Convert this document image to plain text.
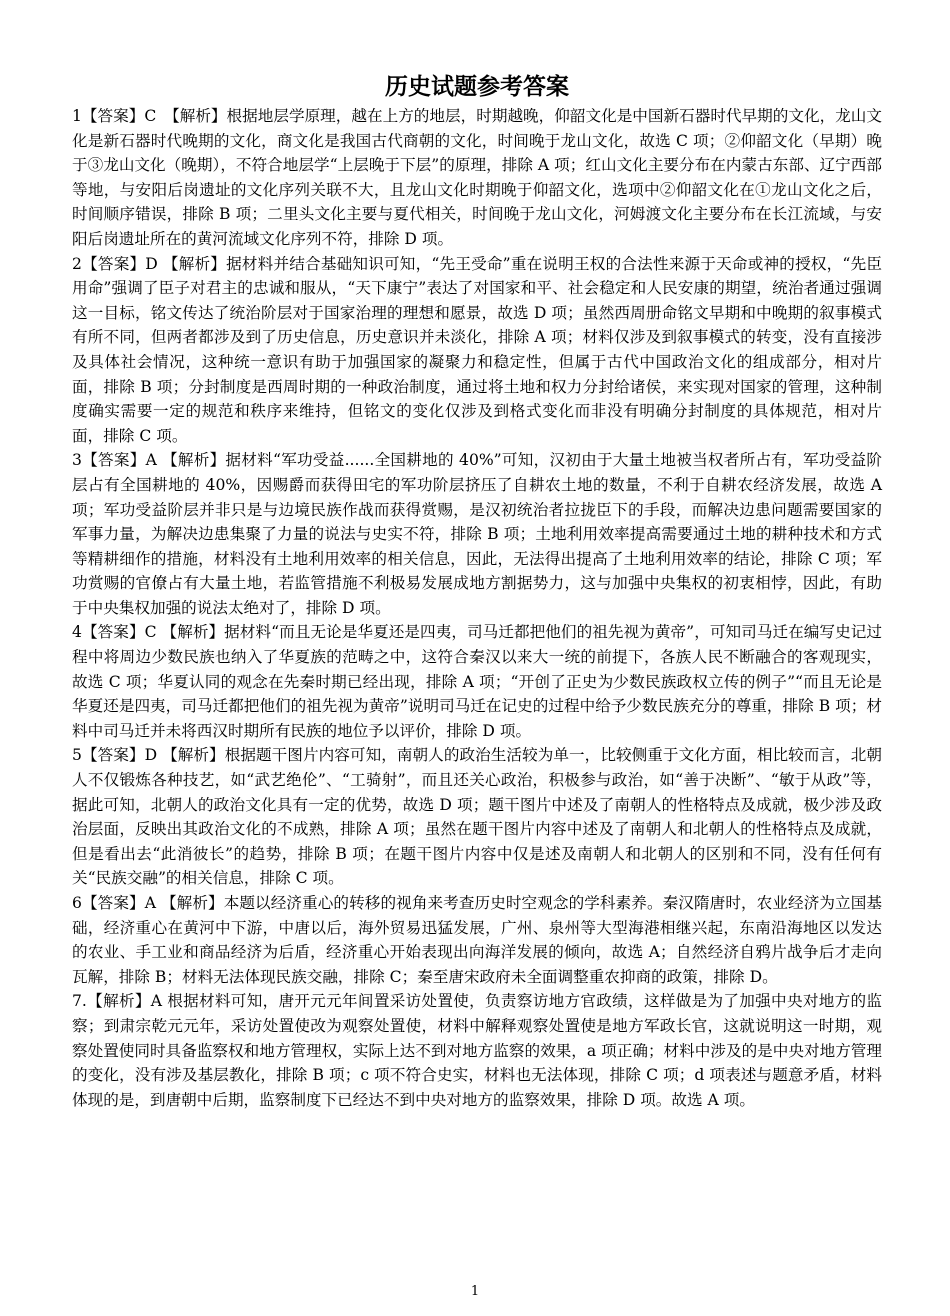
历史试题参考答案

1【答案】C　【解析】根据地层学原理，越在上方的地层，时期越晚，仰韶文化是中国新石器时代早期的文化，龙山文化是新石器时代晚期的文化，商文化是我国古代商朝的文化，时间晚于龙山文化，故选 C 项；②仰韶文化（早期）晚于③龙山文化（晚期），不符合地层学“上层晚于下层”的原理，排除 A 项；红山文化主要分布在内蒙古东部、辽宁西部等地，与安阳后岗遗址的文化序列关联不大，且龙山文化时期晚于仰韶文化，选项中②仰韶文化在①龙山文化之后，时间顺序错误，排除 B 项；二里头文化主要与夏代相关，时间晚于龙山文化，河姆渡文化主要分布在长江流域，与安阳后岗遗址所在的黄河流域文化序列不符，排除 D 项。

2【答案】D 【解析】据材料并结合基础知识可知，“先王受命”重在说明王权的合法性来源于天命或神的授权，“先臣用命”强调了臣子对君主的忠诚和服从，“天下康宁”表达了对国家和平、社会稳定和人民安康的期望，统治者通过强调这一目标，铭文传达了统治阶层对于国家治理的理想和愿景，故选 D 项；虽然西周册命铭文早期和中晚期的叙事模式有所不同，但两者都涉及到了历史信息，历史意识并未淡化，排除 A 项；材料仅涉及到叙事模式的转变，没有直接涉及具体社会情况，这种统一意识有助于加强国家的凝聚力和稳定性，但属于古代中国政治文化的组成部分，相对片面，排除 B 项；分封制度是西周时期的一种政治制度，通过将土地和权力分封给诸侯，来实现对国家的管理，这种制度确实需要一定的规范和秩序来维持，但铭文的变化仅涉及到格式变化而非没有明确分封制度的具体规范，相对片面，排除 C 项。

3【答案】A 【解析】据材料“军功受益......全国耕地的 40%”可知，汉初由于大量土地被当权者所占有，军功受益阶层占有全国耕地的 40%，因赐爵而获得田宅的军功阶层挤压了自耕农土地的数量，不利于自耕农经济发展，故选 A 项；军功受益阶层并非只是与边境民族作战而获得赏赐，是汉初统治者拉拢臣下的手段，而解决边患问题需要国家的军事力量，为解决边患集聚了力量的说法与史实不符，排除 B 项；土地利用效率提高需要通过土地的耕种技术和方式等精耕细作的措施，材料没有土地利用效率的相关信息，因此，无法得出提高了土地利用效率的结论，排除 C 项；军功赏赐的官僚占有大量土地，若监管措施不利极易发展成地方割据势力，这与加强中央集权的初衷相悖，因此，有助于中央集权加强的说法太绝对了，排除 D 项。

4【答案】C 【解析】据材料“而且无论是华夏还是四夷，司马迁都把他们的祖先视为黄帝”，可知司马迁在编写史记过程中将周边少数民族也纳入了华夏族的范畴之中，这符合秦汉以来大一统的前提下，各族人民不断融合的客观现实，故选 C 项；华夏认同的观念在先秦时期已经出现，排除 A 项；“开创了正史为少数民族政权立传的例子”“而且无论是华夏还是四夷，司马迁都把他们的祖先视为黄帝”说明司马迁在记史的过程中给予少数民族充分的尊重，排除 B 项；材料中司马迁并未将西汉时期所有民族的地位予以评价，排除 D 项。

5【答案】D 【解析】根据题干图片内容可知，南朝人的政治生活较为单一，比较侧重于文化方面，相比较而言，北朝人不仅锻炼各种技艺，如“武艺绝伦”、“工骑射”，而且还关心政治，积极参与政治，如“善于决断”、“敏于从政”等，据此可知，北朝人的政治文化具有一定的优势，故选 D 项；题干图片中述及了南朝人的性格特点及成就，极少涉及政治层面，反映出其政治文化的不成熟，排除 A 项；虽然在题干图片内容中述及了南朝人和北朝人的性格特点及成就，但是看出去“此消彼长”的趋势，排除 B 项；在题干图片内容中仅是述及南朝人和北朝人的区别和不同，没有任何有关“民族交融”的相关信息，排除 C 项。

6【答案】A 【解析】本题以经济重心的转移的视角来考查历史时空观念的学科素养。秦汉隋唐时，农业经济为立国基础，经济重心在黄河中下游，中唐以后，海外贸易迅猛发展，广州、泉州等大型海港相继兴起，东南沿海地区以发达的农业、手工业和商品经济为后盾，经济重心开始表现出向海洋发展的倾向，故选 A；自然经济自鸦片战争后才走向瓦解，排除 B；材料无法体现民族交融，排除 C；秦至唐宋政府未全面调整重农抑商的政策，排除 D。

7.【解析】A 根据材料可知，唐开元元年间置采访处置使，负责察访地方官政绩，这样做是为了加强中央对地方的监察；到肃宗乾元元年，采访处置使改为观察处置使，材料中解释观察处置使是地方军政长官，这就说明这一时期，观察处置使同时具备监察权和地方管理权，实际上达不到对地方监察的效果，a 项正确；材料中涉及的是中央对地方管理的变化，没有涉及基层教化，排除 B 项；c 项不符合史实，材料也无法体现，排除 C 项；d 项表述与题意矛盾，材料体现的是，到唐朝中后期，监察制度下已经达不到中央对地方的监察效果，排除 D 项。故选 A 项。

1
